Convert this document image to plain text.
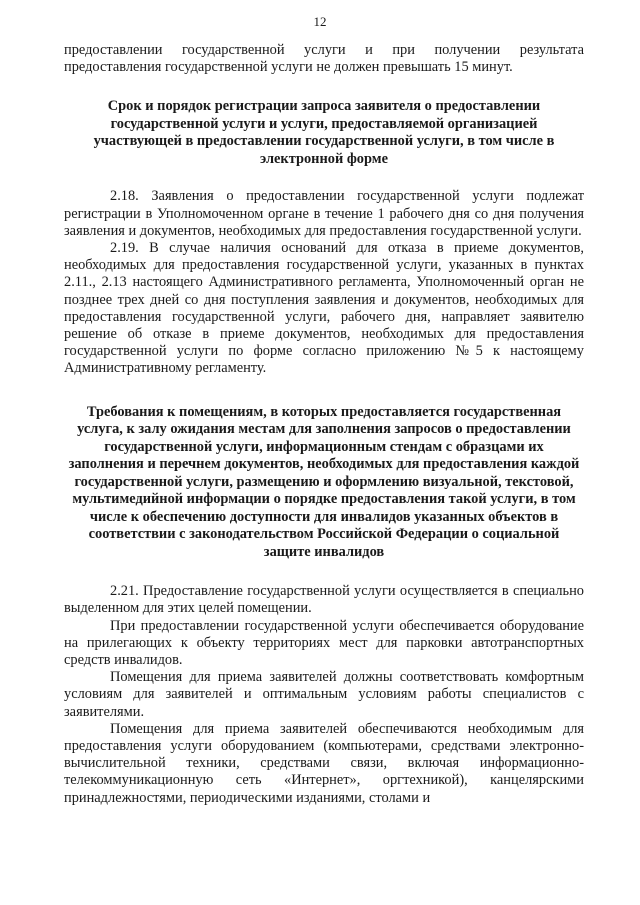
12

предоставлении государственной услуги и при получении результата предоставления государственной услуги не должен превышать 15 минут.

Срок и порядок регистрации запроса заявителя о предоставлении государственной услуги и услуги, предоставляемой организацией участвующей в предоставлении государственной услуги, в том числе в электронной форме

2.18. Заявления о предоставлении государственной услуги подлежат регистрации в Уполномоченном органе в течение 1 рабочего дня со дня получения заявления и документов, необходимых для предоставления государственной услуги.

2.19. В случае наличия оснований для отказа в приеме документов, необходимых для предоставления государственной услуги, указанных в пунктах 2.11., 2.13 настоящего Административного регламента, Уполномоченный орган не позднее трех дней со дня поступления заявления и документов, необходимых для предоставления государственной услуги, рабочего дня, направляет заявителю решение об отказе в приеме документов, необходимых для предоставления государственной услуги по форме согласно приложению №5 к настоящему Административному регламенту.

Требования к помещениям, в которых предоставляется государственная услуга, к залу ожидания местам для заполнения запросов о предоставлении государственной услуги, информационным стендам с образцами их заполнения и перечнем документов, необходимых для предоставления каждой государственной услуги, размещению и оформлению визуальной, текстовой, мультимедийной информации о порядке предоставления такой услуги, в том числе к обеспечению доступности для инвалидов указанных объектов в соответствии с законодательством Российской Федерации о социальной защите инвалидов

2.21. Предоставление государственной услуги осуществляется в специально выделенном для этих целей помещении.

При предоставлении государственной услуги обеспечивается оборудование на прилегающих к объекту территориях мест для парковки автотранспортных средств инвалидов.

Помещения для приема заявителей должны соответствовать комфортным условиям для заявителей и оптимальным условиям работы специалистов с заявителями.

Помещения для приема заявителей обеспечиваются необходимым для предоставления услуги оборудованием (компьютерами, средствами электронно-вычислительной техники, средствами связи, включая информационно-телекоммуникационную сеть «Интернет», оргтехникой), канцелярскими принадлежностями, периодическими изданиями, столами и
